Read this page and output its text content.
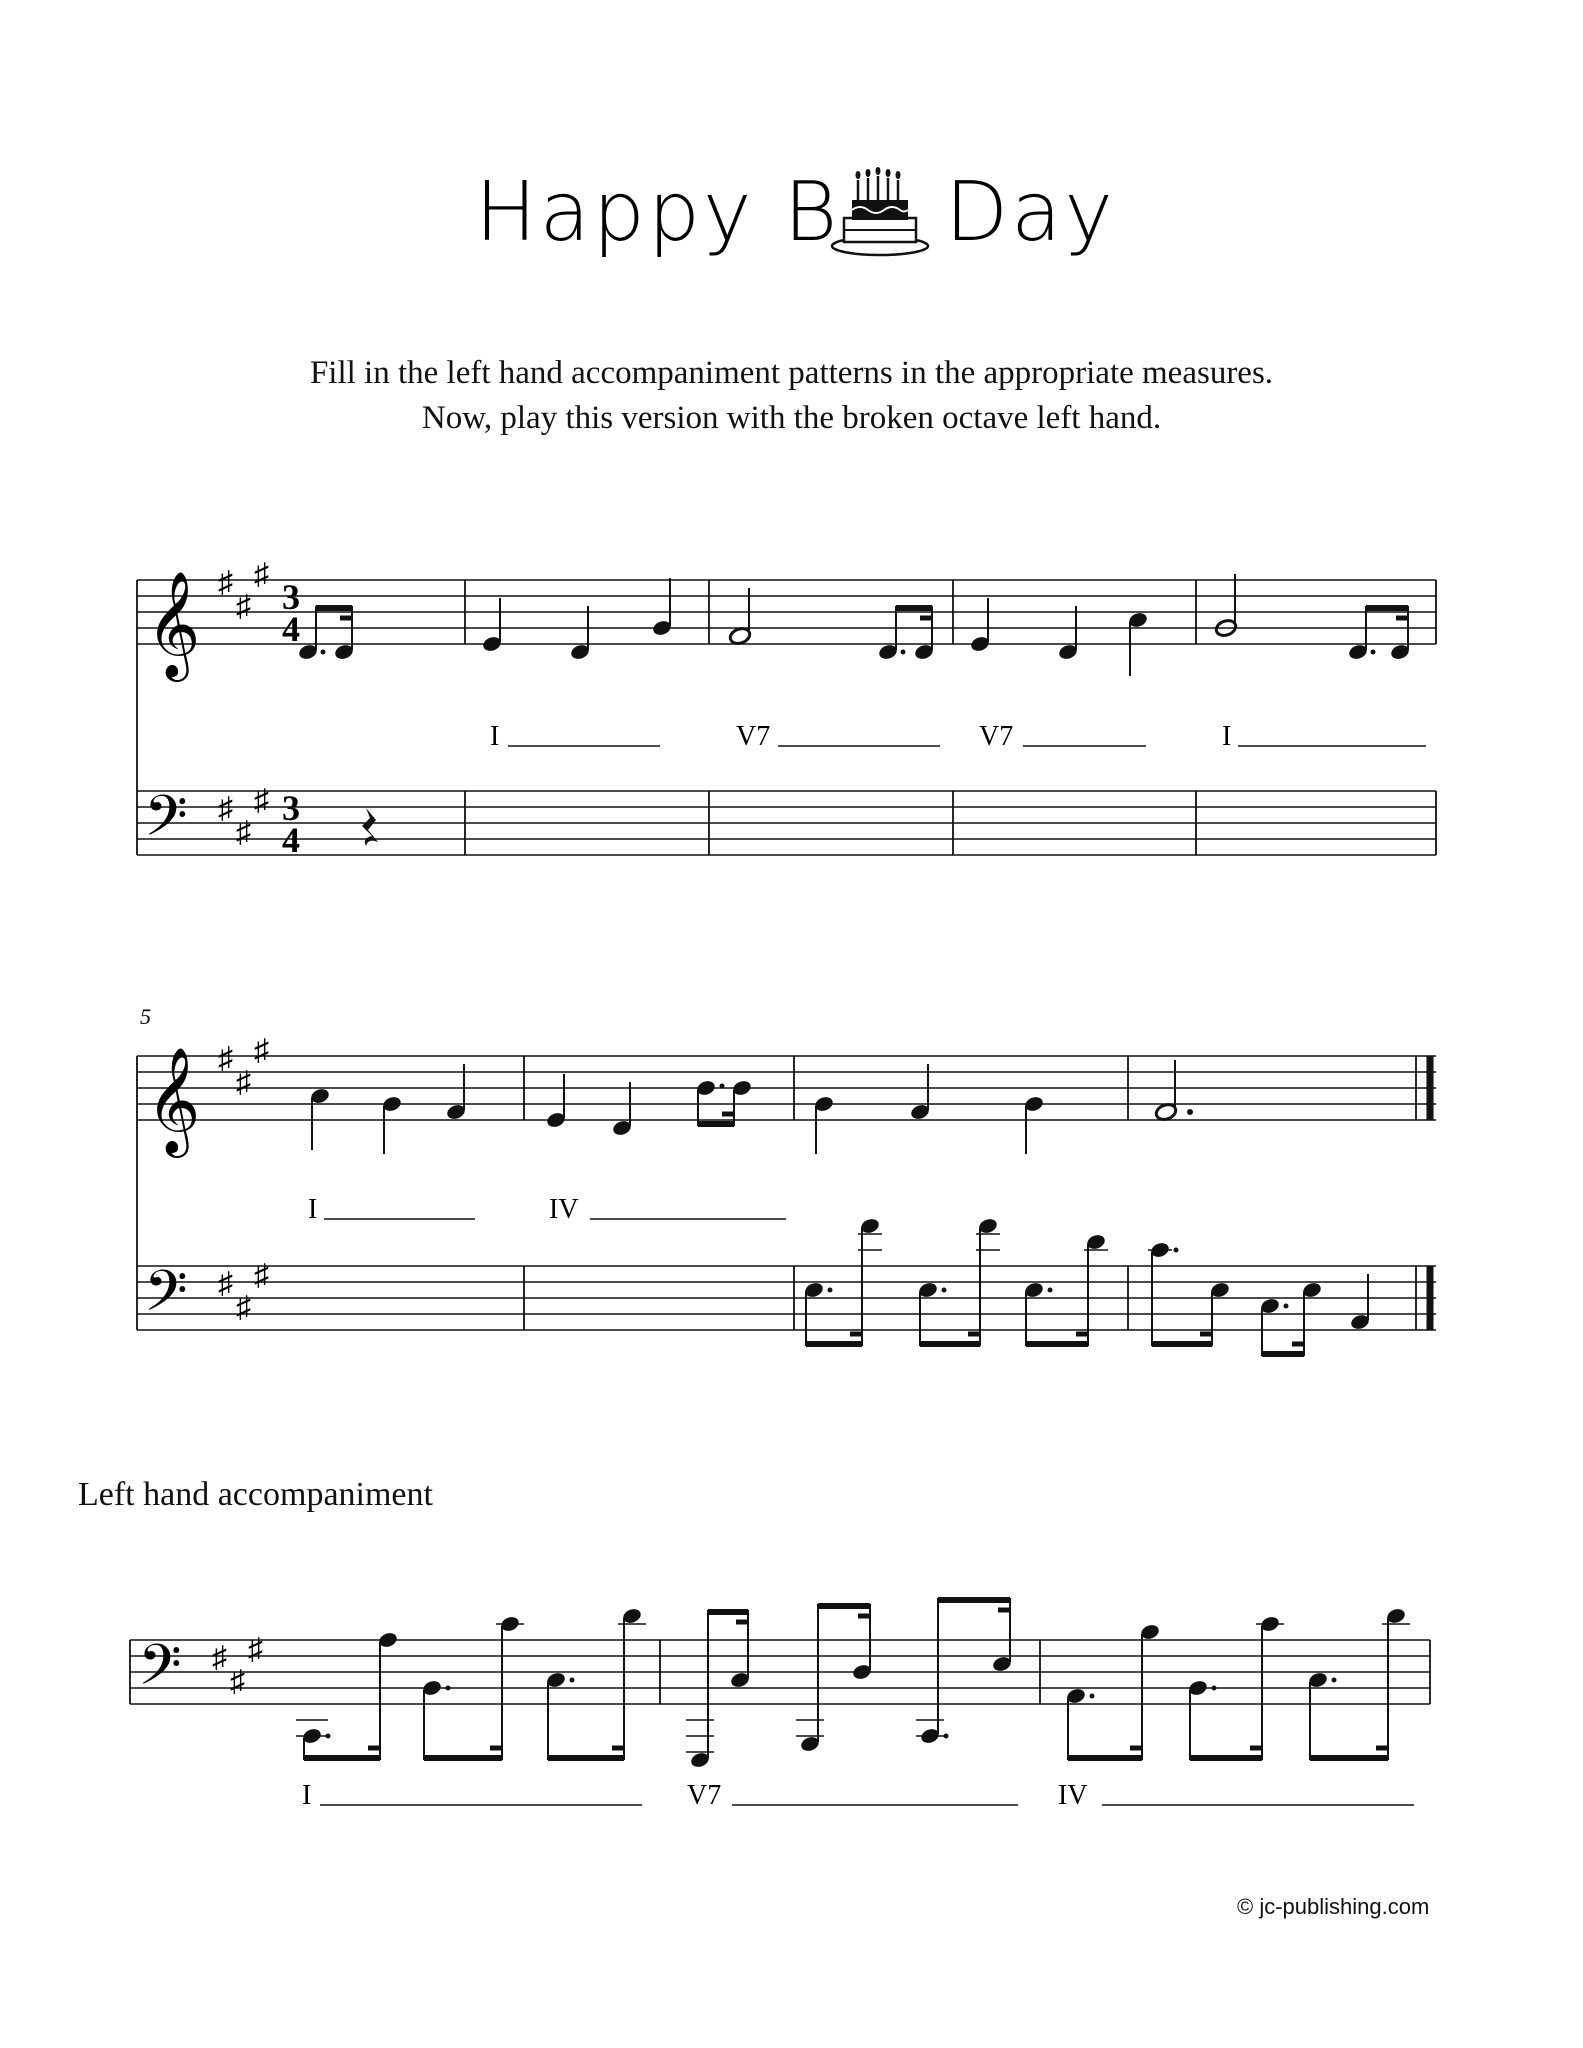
Happy B Day
Fill in the left hand accompaniment patterns in the appropriate measures.
Now, play this version with the broken octave left hand.
𝄞
𝄢
♯
♯
♯
♯
♯
♯
3
4
3
4
I	V7	V7	I
5
𝄞
𝄢
♯
♯
♯
♯
♯
♯
I	IV
𝄢 ♯
♯
♯
I	V7	IV
Left hand accompaniment
© jc-publishing.com
